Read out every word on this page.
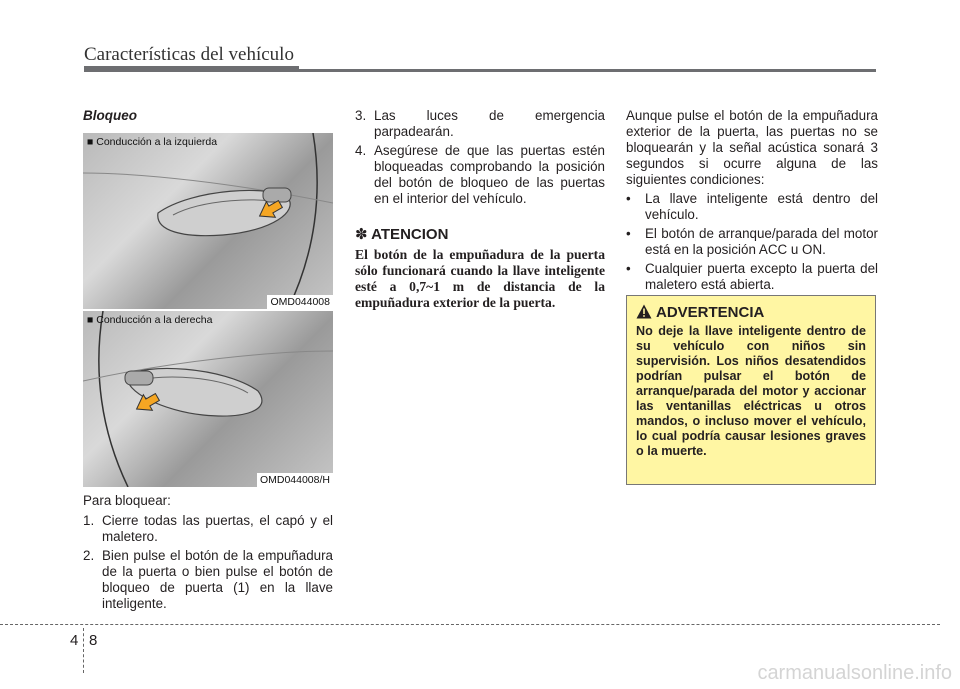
Características del vehículo

Bloqueo

■ Conducción a la izquierda
OMD044008
■ Conducción a la derecha
OMD044008/H

Para bloquear:

1. Cierre todas las puertas, el capó y el maletero.
2. Bien pulse el botón de la empuñadura de la puerta o bien pulse el botón de bloqueo de puerta (1) en la llave inteligente.
3. Las luces de emergencia parpadearán.
4. Asegúrese de que las puertas estén bloqueadas comprobando la posición del botón de bloqueo de las puertas en el interior del vehículo.

✽ ATENCION

El botón de la empuñadura de la puerta sólo funcionará cuando la llave inteligente esté a 0,7~1 m de distancia de la empuñadura exterior de la puerta.

Aunque pulse el botón de la empuñadura exterior de la puerta, las puertas no se bloquearán y la señal acústica sonará 3 segundos si ocurre alguna de las siguientes condiciones:

• La llave inteligente está dentro del vehículo.
• El botón de arranque/parada del motor está en la posición ACC u ON.
• Cualquier puerta excepto la puerta del maletero está abierta.

ADVERTENCIA

No deje la llave inteligente dentro de su vehículo con niños sin supervisión. Los niños desatendidos podrían pulsar el botón de arranque/parada del motor y accionar las ventanillas eléctricas u otros mandos, o incluso mover el vehículo, lo cual podría causar lesiones graves o la muerte.

4 8
carmanualsonline.info
